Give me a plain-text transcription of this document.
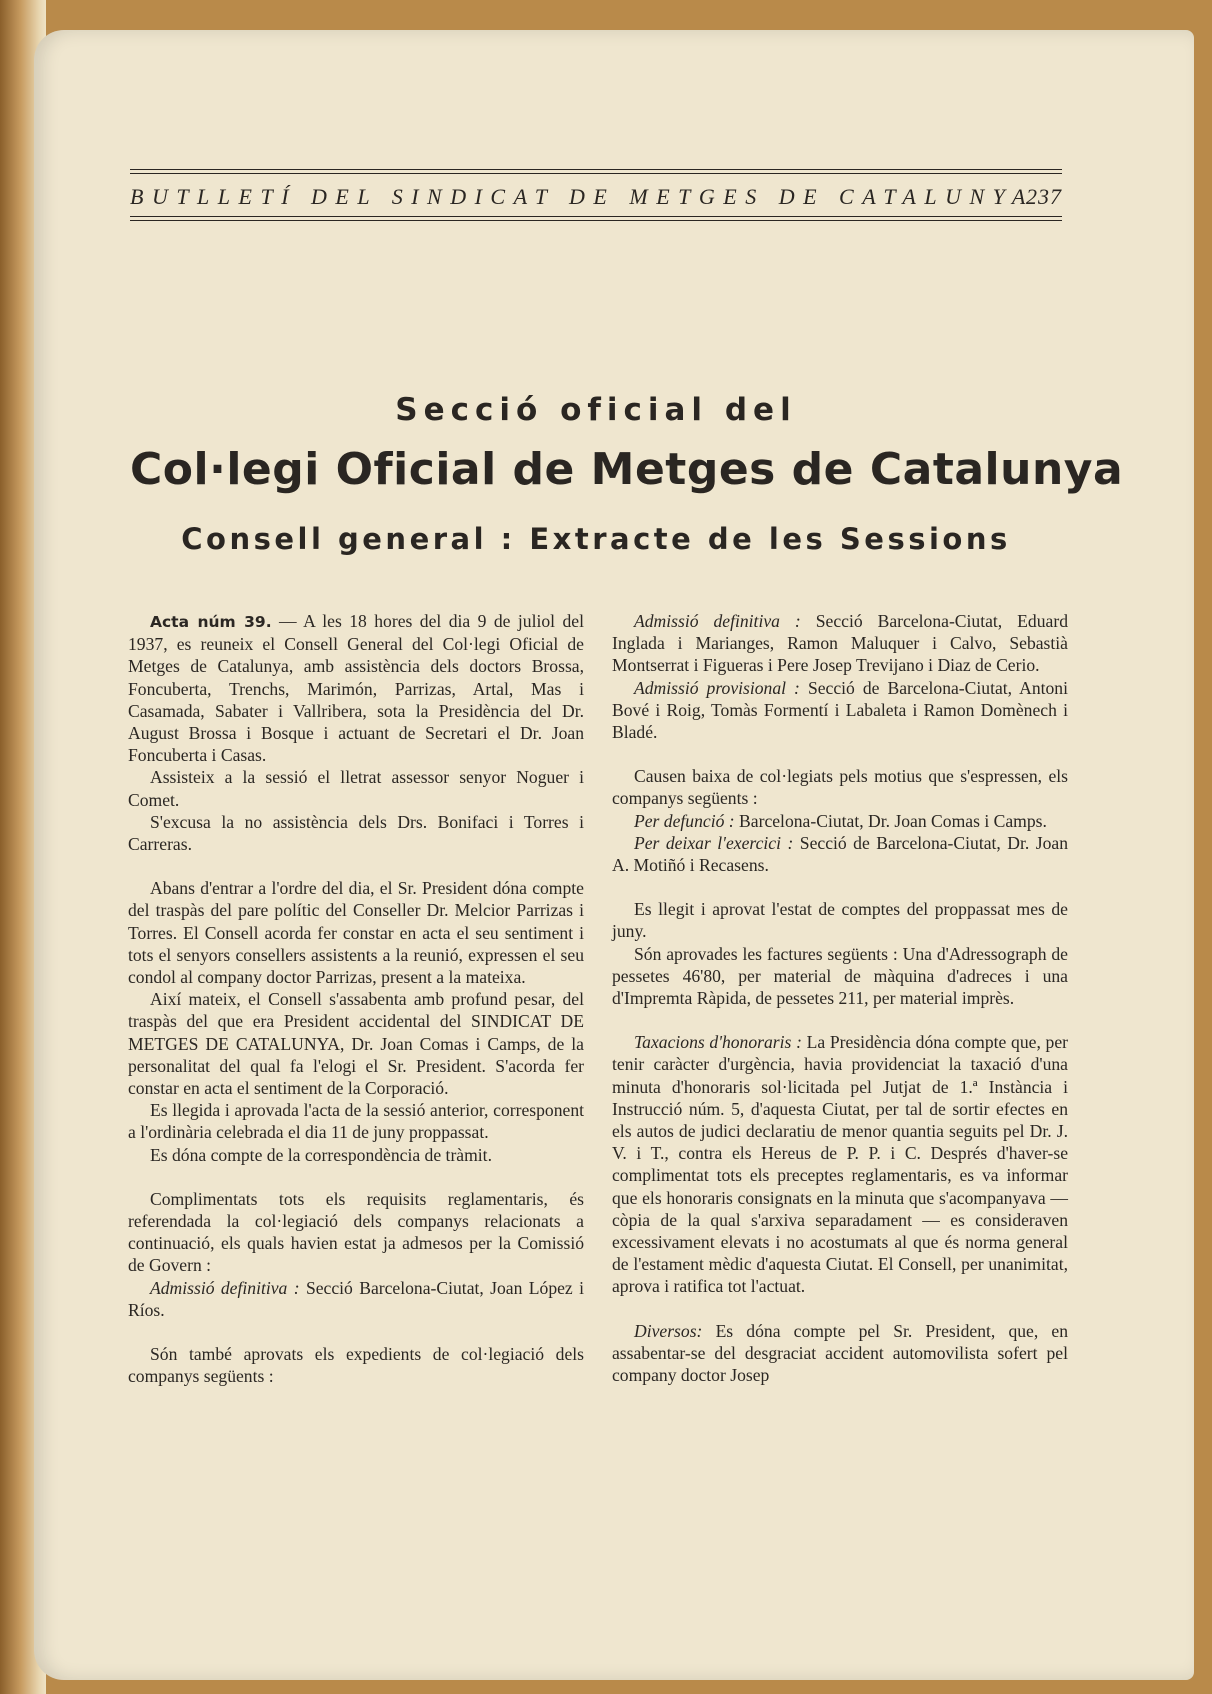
BUTLLETÍ DEL SINDICAT DE METGES DE CATALUNYA
237
Secció oficial del
Col·legi Oficial de Metges de Catalunya
Consell general : Extracte de les Sessions

Acta núm 39. — A les 18 hores del dia 9 de juliol del 1937, es reuneix el Consell General del Col·legi Oficial de Metges de Catalunya, amb assistència dels doctors Brossa, Foncuberta, Trenchs, Marimón, Parrizas, Artal, Mas i Casamada, Sabater i Vallribera, sota la Presidència del Dr. August Brossa i Bosque i actuant de Secretari el Dr. Joan Foncuberta i Casas.

Assisteix a la sessió el lletrat assessor senyor Noguer i Comet.

S'excusa la no assistència dels Drs. Bonifaci i Torres i Carreras.

Abans d'entrar a l'ordre del dia, el Sr. President dóna compte del traspàs del pare polític del Conseller Dr. Melcior Parrizas i Torres. El Consell acorda fer constar en acta el seu sentiment i tots el senyors consellers assistents a la reunió, expressen el seu condol al company doctor Parrizas, present a la mateixa.

Així mateix, el Consell s'assabenta amb profund pesar, del traspàs del que era President accidental del SINDICAT DE METGES DE CATALUNYA, Dr. Joan Comas i Camps, de la personalitat del qual fa l'elogi el Sr. President. S'acorda fer constar en acta el sentiment de la Corporació.

Es llegida i aprovada l'acta de la sessió anterior, corresponent a l'ordinària celebrada el dia 11 de juny proppassat.

Es dóna compte de la correspondència de tràmit.

Complimentats tots els requisits reglamentaris, és referendada la col·legiació dels companys relacionats a continuació, els quals havien estat ja admesos per la Comissió de Govern :

Admissió definitiva : Secció Barcelona-Ciutat, Joan López i Ríos.

Són també aprovats els expedients de col·legiació dels companys següents :

Admissió definitiva : Secció Barcelona-Ciutat, Eduard Inglada i Marianges, Ramon Maluquer i Calvo, Sebastià Montserrat i Figueras i Pere Josep Trevijano i Diaz de Cerio.

Admissió provisional : Secció de Barcelona-Ciutat, Antoni Bové i Roig, Tomàs Formentí i Labaleta i Ramon Domènech i Bladé.

Causen baixa de col·legiats pels motius que s'espressen, els companys següents :

Per defunció : Barcelona-Ciutat, Dr. Joan Comas i Camps.

Per deixar l'exercici : Secció de Barcelona-Ciutat, Dr. Joan A. Motiñó i Recasens.

Es llegit i aprovat l'estat de comptes del proppassat mes de juny.

Són aprovades les factures següents : Una d'Adressograph de pessetes 46'80, per material de màquina d'adreces i una d'Impremta Ràpida, de pessetes 211, per material imprès.

Taxacions d'honoraris : La Presidència dóna compte que, per tenir caràcter d'urgència, havia providenciat la taxació d'una minuta d'honoraris sol·licitada pel Jutjat de 1.ª Instància i Instrucció núm. 5, d'aquesta Ciutat, per tal de sortir efectes en els autos de judici declaratiu de menor quantia seguits pel Dr. J. V. i T., contra els Hereus de P. P. i C. Després d'haver-se complimentat tots els preceptes reglamentaris, es va informar que els honoraris consignats en la minuta que s'acompanyava — còpia de la qual s'arxiva separadament — es consideraven excessivament elevats i no acostumats al que és norma general de l'estament mèdic d'aquesta Ciutat. El Consell, per unanimitat, aprova i ratifica tot l'actuat.

Diversos: Es dóna compte pel Sr. President, que, en assabentar-se del desgraciat accident automovilista sofert pel company doctor Josep
